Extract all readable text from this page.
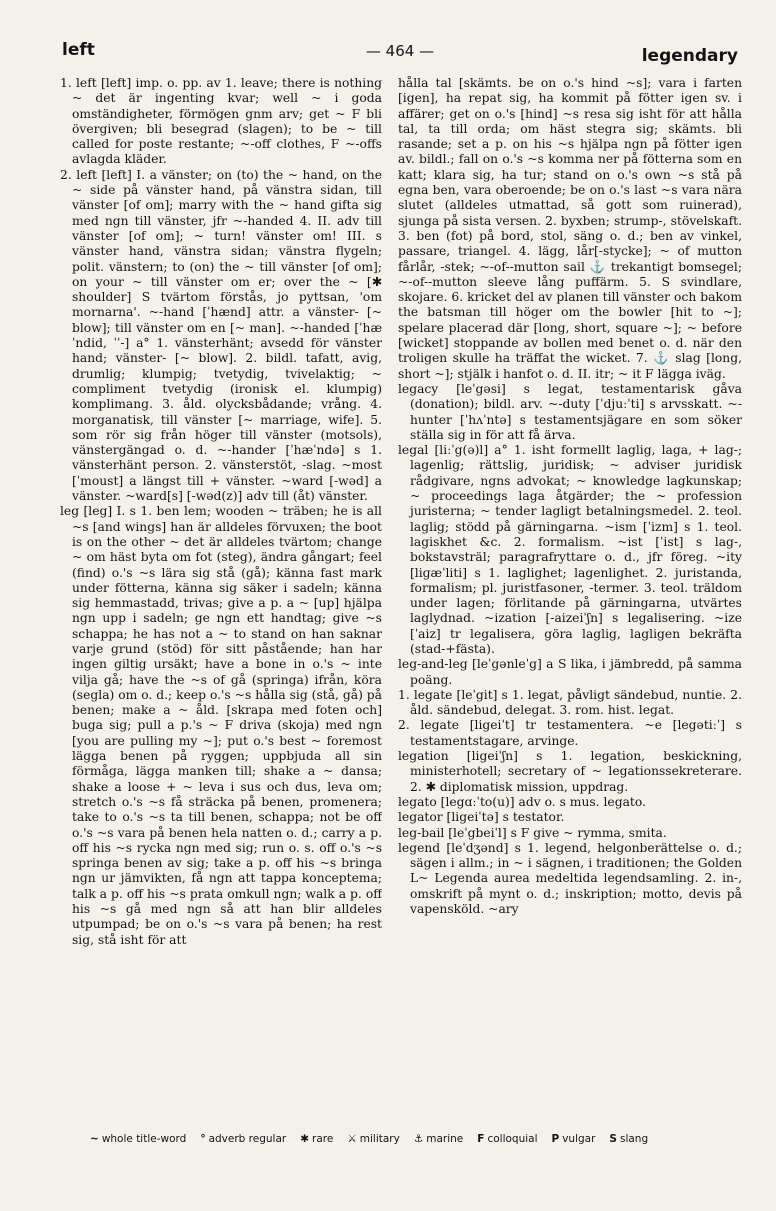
left	— 464 —	legendary

1. left [left] imp. o. pp. av 1. leave; there is nothing ~ det är ingenting kvar; well ~ i goda omständigheter, förmögen gnm arv; get ~ F bli övergiven; bli besegrad (slagen); to be ~ till called for poste restante; ~-off clothes, F ~-offs avlagda kläder.

2. left [left] I. a vänster; on (to) the ~ hand, on the ~ side på vänster hand, på vänstra sidan, till vänster [of om]; marry with the ~ hand gifta sig med ngn till vänster, jfr ~-handed 4. II. adv till vänster [of om]; ~ turn! vänster om! III. s vänster hand, vänstra sidan; vänstra flygeln; polit. vänstern; to (on) the ~ till vänster [of om]; on your ~ till vänster om er; over the ~ [✱ shoulder] S tvärtom förstås, jo pyttsan, 'om mornarna'. ~-hand [ˈhænd] attr. a vänster- [~ blow]; till vänster om en [~ man]. ~-handed [ˈhæˈndid, ˈˈ-] a° 1. vänsterhänt; avsedd för vänster hand; vänster- [~ blow]. 2. bildl. tafatt, avig, drumlig; klumpig; tvetydig, tvivelaktig; ~ compliment tvetydig (ironisk el. klumpig) komplimang. 3. åld. olycksbådande; vrång. 4. morganatisk, till vänster [~ marriage, wife]. 5. som rör sig från höger till vänster (motsols), vänstergängad o. d. ~-hander [ˈhæˈndə] s 1. vänsterhänt person. 2. vänsterstöt, -slag. ~most [ˈmoust] a längst till + vänster. ~ward [-wəd] a vänster. ~ward[s] [-wəd(z)] adv till (åt) vänster.

leg [leg] I. s 1. ben lem; wooden ~ träben; he is all ~s [and wings] han är alldeles förvuxen; the boot is on the other ~ det är alldeles tvärtom; change ~ om häst byta om fot (steg), ändra gångart; feel (find) o.'s ~s lära sig stå (gå); känna fast mark under fötterna, känna sig säker i sadeln; känna sig hemmastadd, trivas; give a p. a ~ [up] hjälpa ngn upp i sadeln; ge ngn ett handtag; give ~s schappa; he has not a ~ to stand on han saknar varje grund (stöd) för sitt påstående; han har ingen giltig ursäkt; have a bone in o.'s ~ inte vilja gå; have the ~s of gå (springa) ifrån, köra (segla) om o. d.; keep o.'s ~s hålla sig (stå, gå) på benen; make a ~ åld. [skrapa med foten och] buga sig; pull a p.'s ~ F driva (skoja) med ngn [you are pulling my ~]; put o.'s best ~ foremost lägga benen på ryggen; uppbjuda all sin förmåga, lägga manken till; shake a ~ dansa; shake a loose + ~ leva i sus och dus, leva om; stretch o.'s ~s få sträcka på benen, promenera; take to o.'s ~s ta till benen, schappa; not be off o.'s ~s vara på benen hela natten o. d.; carry a p. off his ~s rycka ngn med sig; run o. s. off o.'s ~s springa benen av sig; take a p. off his ~s bringa ngn ur jämvikten, få ngn att tappa konceptema; talk a p. off his ~s prata omkull ngn; walk a p. off his ~s gå med ngn så att han blir alldeles utpumpad; be on o.'s ~s vara på benen; ha rest sig, stå isht för att

hålla tal [skämts. be on o.'s hind ~s]; vara i farten [igen], ha repat sig, ha kommit på fötter igen sv. i affärer; get on o.'s [hind] ~s resa sig isht för att hålla tal, ta till orda; om häst stegra sig; skämts. bli rasande; set a p. on his ~s hjälpa ngn på fötter igen av. bildl.; fall on o.'s ~s komma ner på fötterna som en katt; klara sig, ha tur; stand on o.'s own ~s stå på egna ben, vara oberoende; be on o.'s last ~s vara nära slutet (alldeles utmattad, så gott som ruinerad), sjunga på sista versen. 2. byxben; strump-, stövelskaft. 3. ben (fot) på bord, stol, säng o. d.; ben av vinkel, passare, triangel. 4. lägg, lår[-stycke]; ~ of mutton fårlår, -stek; ~-of--mutton sail ⚓ trekantigt bomsegel; ~-of--mutton sleeve lång puffärm. 5. S svindlare, skojare. 6. kricket del av planen till vänster och bakom the batsman till höger om the bowler [hit to ~]; spelare placerad där [long, short, square ~]; ~ before [wicket] stoppande av bollen med benet o. d. när den troligen skulle ha träffat the wicket. 7. ⚓ slag [long, short ~]; stjälk i hanfot o. d. II. itr; ~ it F lägga iväg.

legacy [leˈgəsi] s legat, testamentarisk gåva (donation); bildl. arv. ~-duty [ˈdjuːˈti] s arvsskatt. ~-hunter [ˈhʌˈntə] s testamentsjägare en som söker ställa sig in för att få ärva.

legal [liːˈg(ə)l] a° 1. isht formellt laglig, laga, + lag-; lagenlig; rättslig, juridisk; ~ adviser juridisk rådgivare, ngns advokat; ~ knowledge lagkunskap; ~ proceedings laga åtgärder; the ~ profession juristerna; ~ tender lagligt betalningsmedel. 2. teol. laglig; stödd på gärningarna. ~ism [ˈizm] s 1. teol. lagiskhet &c. 2. formalism. ~ist [ˈist] s lag-, bokstavsträl; paragrafryttare o. d., jfr föreg. ~ity [liɡæˈliti] s 1. laglighet; lagenlighet. 2. juristanda, formalism; pl. juristfasoner, -termer. 3. teol. träldom under lagen; förlitande på gärningarna, utvärtes laglydnad. ~ization [-aizeiˈʃn] s legalisering. ~ize [ˈaiz] tr legalisera, göra laglig, lagligen bekräfta (stad-+fästa).

leg-and-leg [leˈgənleˈg] a S lika, i jämbredd, på samma poäng.

1. legate [leˈgit] s 1. legat, påvligt sändebud, nuntie. 2. åld. sändebud, delegat. 3. rom. hist. legat.

2. legate [ligeiˈt] tr testamentera. ~e [legətiːˈ] s testamentstagare, arvinge.

legation [ligeiˈʃn] s 1. legation, beskickning, ministerhotell; secretary of ~ legationssekreterare. 2. ✱ diplomatisk mission, uppdrag.

legato [legɑːˈto(u)] adv o. s mus. legato.

legator [ligeiˈtə] s testator.

leg-bail [leˈgbeiˈl] s F give ~ rymma, smita.

legend [leˈdʒənd] s 1. legend, helgonberättelse o. d.; sägen i allm.; in ~ i sägnen, i traditionen; the Golden L~ Legenda aurea medeltida legendsamling. 2. in-, omskrift på mynt o. d.; inskription; motto, devis på vapensköld. ~ary

~ whole title-word ° adverb regular ✱ rare ⚔ military ⚓ marine F colloquial P vulgar S slang
